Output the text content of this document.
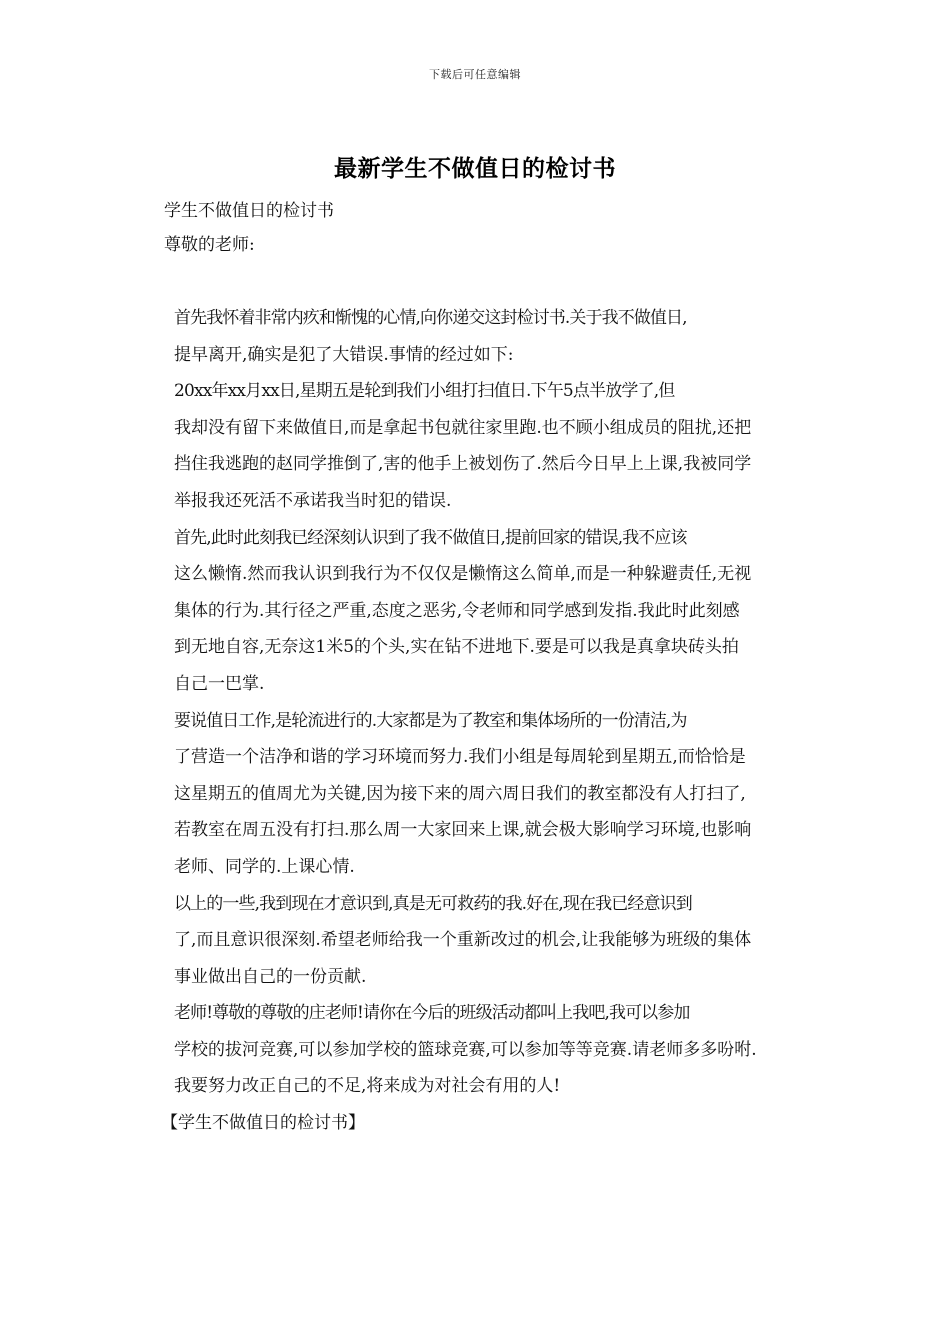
下载后可任意编辑
最新学生不做值日的检讨书
学生不做值日的检讨书
尊敬的老师:

首先我怀着非常内疚和惭愧的心情,向你递交这封检讨书.关于我不做值日,
提早离开,确实是犯了大错误.事情的经过如下:

20xx年xx月xx日,星期五是轮到我们小组打扫值日.下午5点半放学了,但
我却没有留下来做值日,而是拿起书包就往家里跑.也不顾小组成员的阻扰,还把
挡住我逃跑的赵同学推倒了,害的他手上被划伤了.然后今日早上上课,我被同学
举报我还死活不承诺我当时犯的错误.

首先,此时此刻我已经深刻认识到了我不做值日,提前回家的错误,我不应该
这么懒惰.然而我认识到我行为不仅仅是懒惰这么简单,而是一种躲避责任,无视
集体的行为.其行径之严重,态度之恶劣,令老师和同学感到发指.我此时此刻感
到无地自容,无奈这1米5的个头,实在钻不进地下.要是可以我是真拿块砖头拍
自己一巴掌.

要说值日工作,是轮流进行的.大家都是为了教室和集体场所的一份清洁,为
了营造一个洁净和谐的学习环境而努力.我们小组是每周轮到星期五,而恰恰是
这星期五的值周尤为关键,因为接下来的周六周日我们的教室都没有人打扫了,
若教室在周五没有打扫.那么周一大家回来上课,就会极大影响学习环境,也影响
老师、同学的.上课心情.

以上的一些,我到现在才意识到,真是无可救药的我.好在,现在我已经意识到
了,而且意识很深刻.希望老师给我一个重新改过的机会,让我能够为班级的集体
事业做出自己的一份贡献.

老师!尊敬的尊敬的庄老师!请你在今后的班级活动都叫上我吧,我可以参加
学校的拔河竞赛,可以参加学校的篮球竞赛,可以参加等等竞赛.请老师多多吩咐.
我要努力改正自己的不足,将来成为对社会有用的人!

【学生不做值日的检讨书】
